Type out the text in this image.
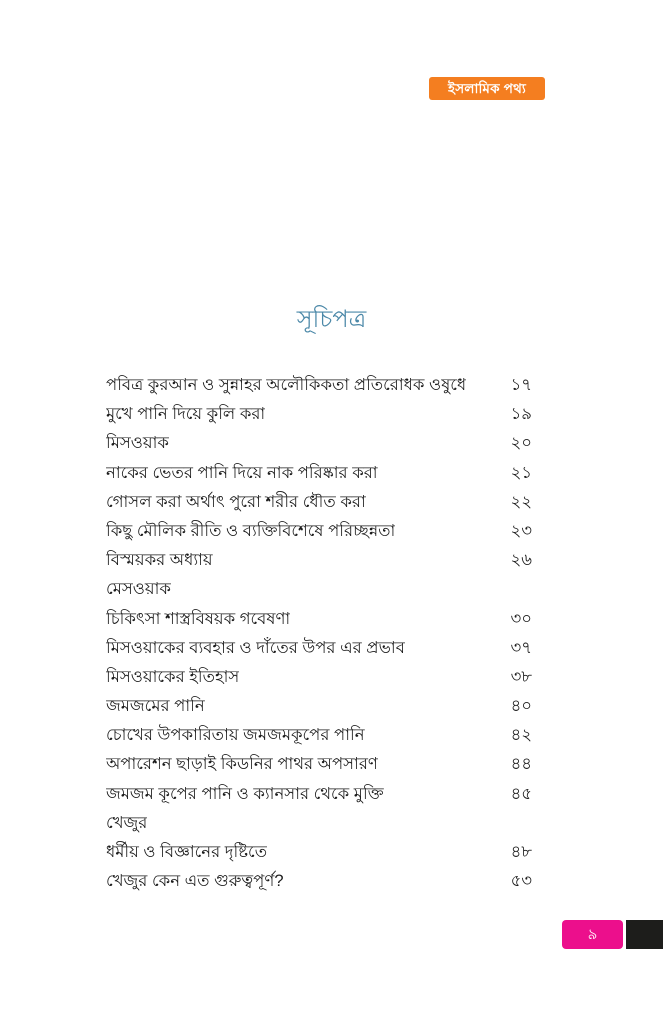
ইসলামিক পথ্য
সূচিপত্র
পবিত্র কুরআন ও সুন্নাহর অলৌকিকতা প্রতিরোধক ওষুধে	১৭
মুখে পানি দিয়ে কুলি করা	১৯
মিসওয়াক	২০
নাকের ভেতর পানি দিয়ে নাক পরিষ্কার করা	২১
গোসল করা অর্থাৎ পুরো শরীর ধৌত করা	২২
কিছু মৌলিক রীতি ও ব্যক্তিবিশেষে পরিচ্ছন্নতা	২৩
বিস্ময়কর অধ্যায়	২৬
মেসওয়াক
চিকিৎসা শাস্ত্রবিষয়ক গবেষণা	৩০
মিসওয়াকের ব্যবহার ও দাঁতের উপর এর প্রভাব	৩৭
মিসওয়াকের ইতিহাস	৩৮
জমজমের পানি	৪০
চোখের উপকারিতায় জমজমকূপের পানি	৪২
অপারেশন ছাড়াই কিডনির পাথর অপসারণ	৪৪
জমজম কূপের পানি ও ক্যানসার থেকে মুক্তি	৪৫
খেজুর
ধর্মীয় ও বিজ্ঞানের দৃষ্টিতে	৪৮
খেজুর কেন এত গুরুত্বপূর্ণ?	৫৩
৯
